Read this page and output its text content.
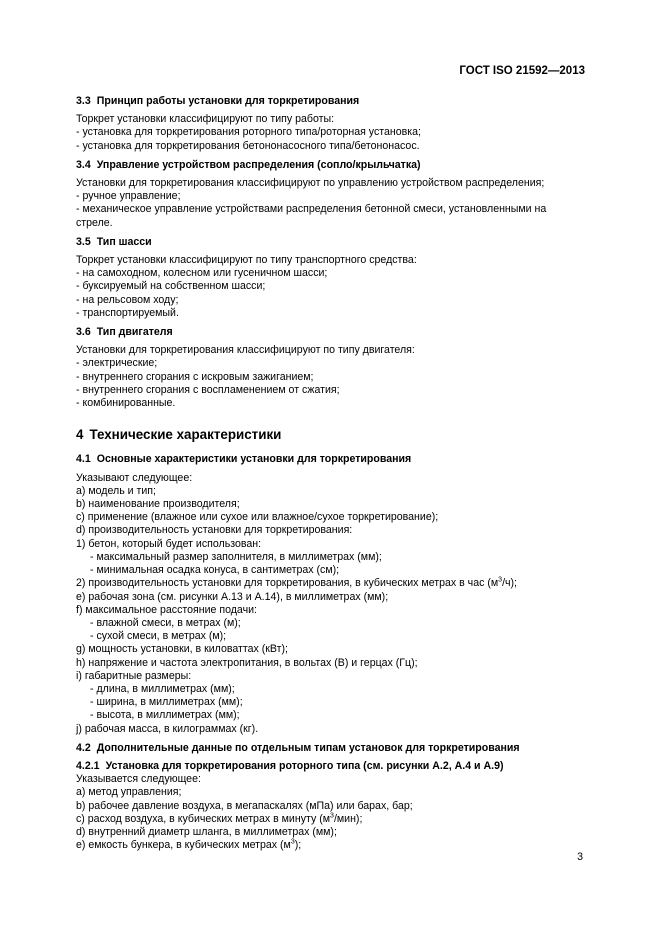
ГОСТ ISO 21592—2013
3.3 Принцип работы установки для торкретирования

Торкрет установки классифицируют по типу работы:

- установка для торкретирования роторного типа/роторная установка;
- установка для торкретирования бетононасосного типа/бетононасос.
3.4 Управление устройством распределения (сопло/крыльчатка)

Установки для торкретирования классифицируют по управлению устройством распределения;

- ручное управление;
- механическое управление устройствами распределения бетонной смеси, установленными на стреле.
3.5 Тип шасси

Торкрет установки классифицируют по типу транспортного средства:

- на самоходном, колесном или гусеничном шасси;
- буксируемый на собственном шасси;
- на рельсовом ходу;
- транспортируемый.
3.6 Тип двигателя

Установки для торкретирования классифицируют по типу двигателя:

- электрические;
- внутреннего сгорания с искровым зажиганием;
- внутреннего сгорания с воспламенением от сжатия;
- комбинированные.
4 Технические характеристики
4.1 Основные характеристики установки для торкретирования

Указывают следующее:

a) модель и тип;
b) наименование производителя;
c) применение (влажное или сухое или влажное/сухое торкретирование);
d) производительность установки для торкретирования:
1) бетон, который будет использован:
- максимальный размер заполнителя, в миллиметрах (мм);
- минимальная осадка конуса, в сантиметрах (см);
2) производительность установки для торкретирования, в кубических метрах в час $(м^3/ч)$;
e) рабочая зона (см. рисунки А.13 и А.14), в миллиметрах (мм);
f) максимальное расстояние подачи:
- влажной смеси, в метрах (м);
- сухой смеси, в метрах (м);
g) мощность установки, в киловаттах (кВт);
h) напряжение и частота электропитания, в вольтах (В) и герцах (Гц);
i) габаритные размеры:
- длина, в миллиметрах (мм);
- ширина, в миллиметрах (мм);
- высота, в миллиметрах (мм);
j) рабочая масса, в килограммах (кг).
4.2 Дополнительные данные по отдельным типам установок для торкретирования
4.2.1 Установка для торкретирования роторного типа (см. рисунки А.2, А.4 и А.9)

Указывается следующее:

a) метод управления;
b) рабочее давление воздуха, в мегапаскалях (мПа) или барах, бар;
c) расход воздуха, в кубических метрах в минуту $(м^3/мин)$;
d) внутренний диаметр шланга, в миллиметрах (мм);
e) емкость бункера, в кубических метрах $(м^3)$;
3
